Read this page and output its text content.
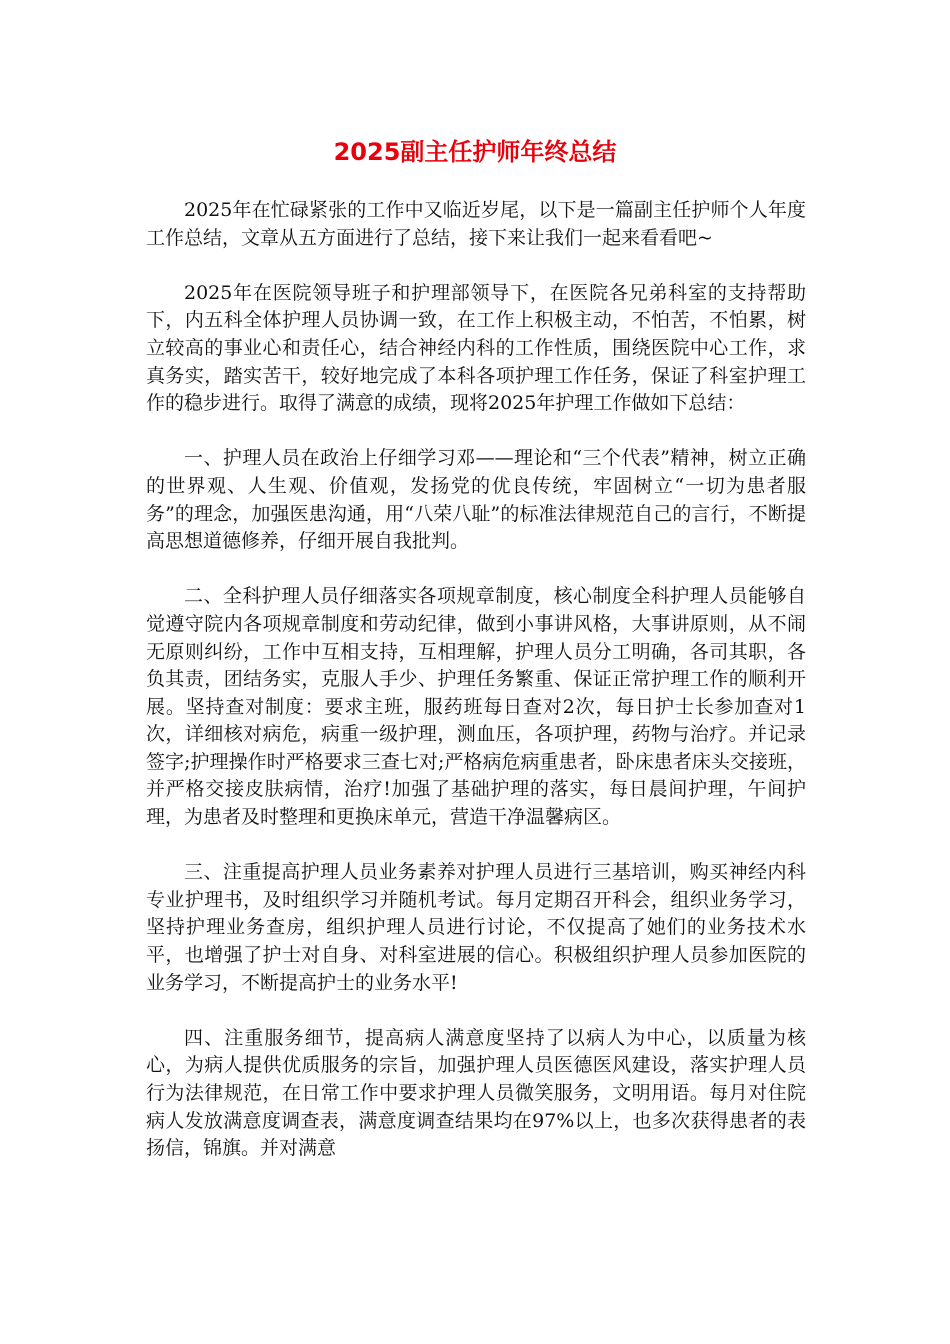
2025副主任护师年终总结

2025年在忙碌紧张的工作中又临近岁尾，以下是一篇副主任护师个人年度工作总结，文章从五方面进行了总结，接下来让我们一起来看看吧~

2025年在医院领导班子和护理部领导下，在医院各兄弟科室的支持帮助下，内五科全体护理人员协调一致，在工作上积极主动，不怕苦，不怕累，树立较高的事业心和责任心，结合神经内科的工作性质，围绕医院中心工作，求真务实，踏实苦干，较好地完成了本科各项护理工作任务，保证了科室护理工作的稳步进行。取得了满意的成绩，现将2025年护理工作做如下总结：

一、护理人员在政治上仔细学习邓——理论和“三个代表”精神，树立正确的世界观、人生观、价值观，发扬党的优良传统，牢固树立“一切为患者服务”的理念，加强医患沟通，用“八荣八耻”的标准法律规范自己的言行，不断提高思想道德修养，仔细开展自我批判。

二、全科护理人员仔细落实各项规章制度，核心制度全科护理人员能够自觉遵守院内各项规章制度和劳动纪律，做到小事讲风格，大事讲原则，从不闹无原则纠纷，工作中互相支持，互相理解，护理人员分工明确，各司其职，各负其责，团结务实，克服人手少、护理任务繁重、保证正常护理工作的顺利开展。坚持查对制度：要求主班，服药班每日查对2次，每日护士长参加查对1次，详细核对病危，病重一级护理，测血压，各项护理，药物与治疗。并记录签字;护理操作时严格要求三查七对;严格病危病重患者，卧床患者床头交接班，并严格交接皮肤病情，治疗!加强了基础护理的落实，每日晨间护理，午间护理，为患者及时整理和更换床单元，营造干净温馨病区。

三、注重提高护理人员业务素养对护理人员进行三基培训，购买神经内科专业护理书，及时组织学习并随机考试。每月定期召开科会，组织业务学习，坚持护理业务查房，组织护理人员进行讨论，不仅提高了她们的业务技术水平，也增强了护士对自身、对科室进展的信心。积极组织护理人员参加医院的业务学习，不断提高护士的业务水平!

四、注重服务细节，提高病人满意度坚持了以病人为中心，以质量为核心，为病人提供优质服务的宗旨，加强护理人员医德医风建设，落实护理人员行为法律规范，在日常工作中要求护理人员微笑服务，文明用语。每月对住院病人发放满意度调查表，满意度调查结果均在97%以上，也多次获得患者的表扬信，锦旗。并对满意
